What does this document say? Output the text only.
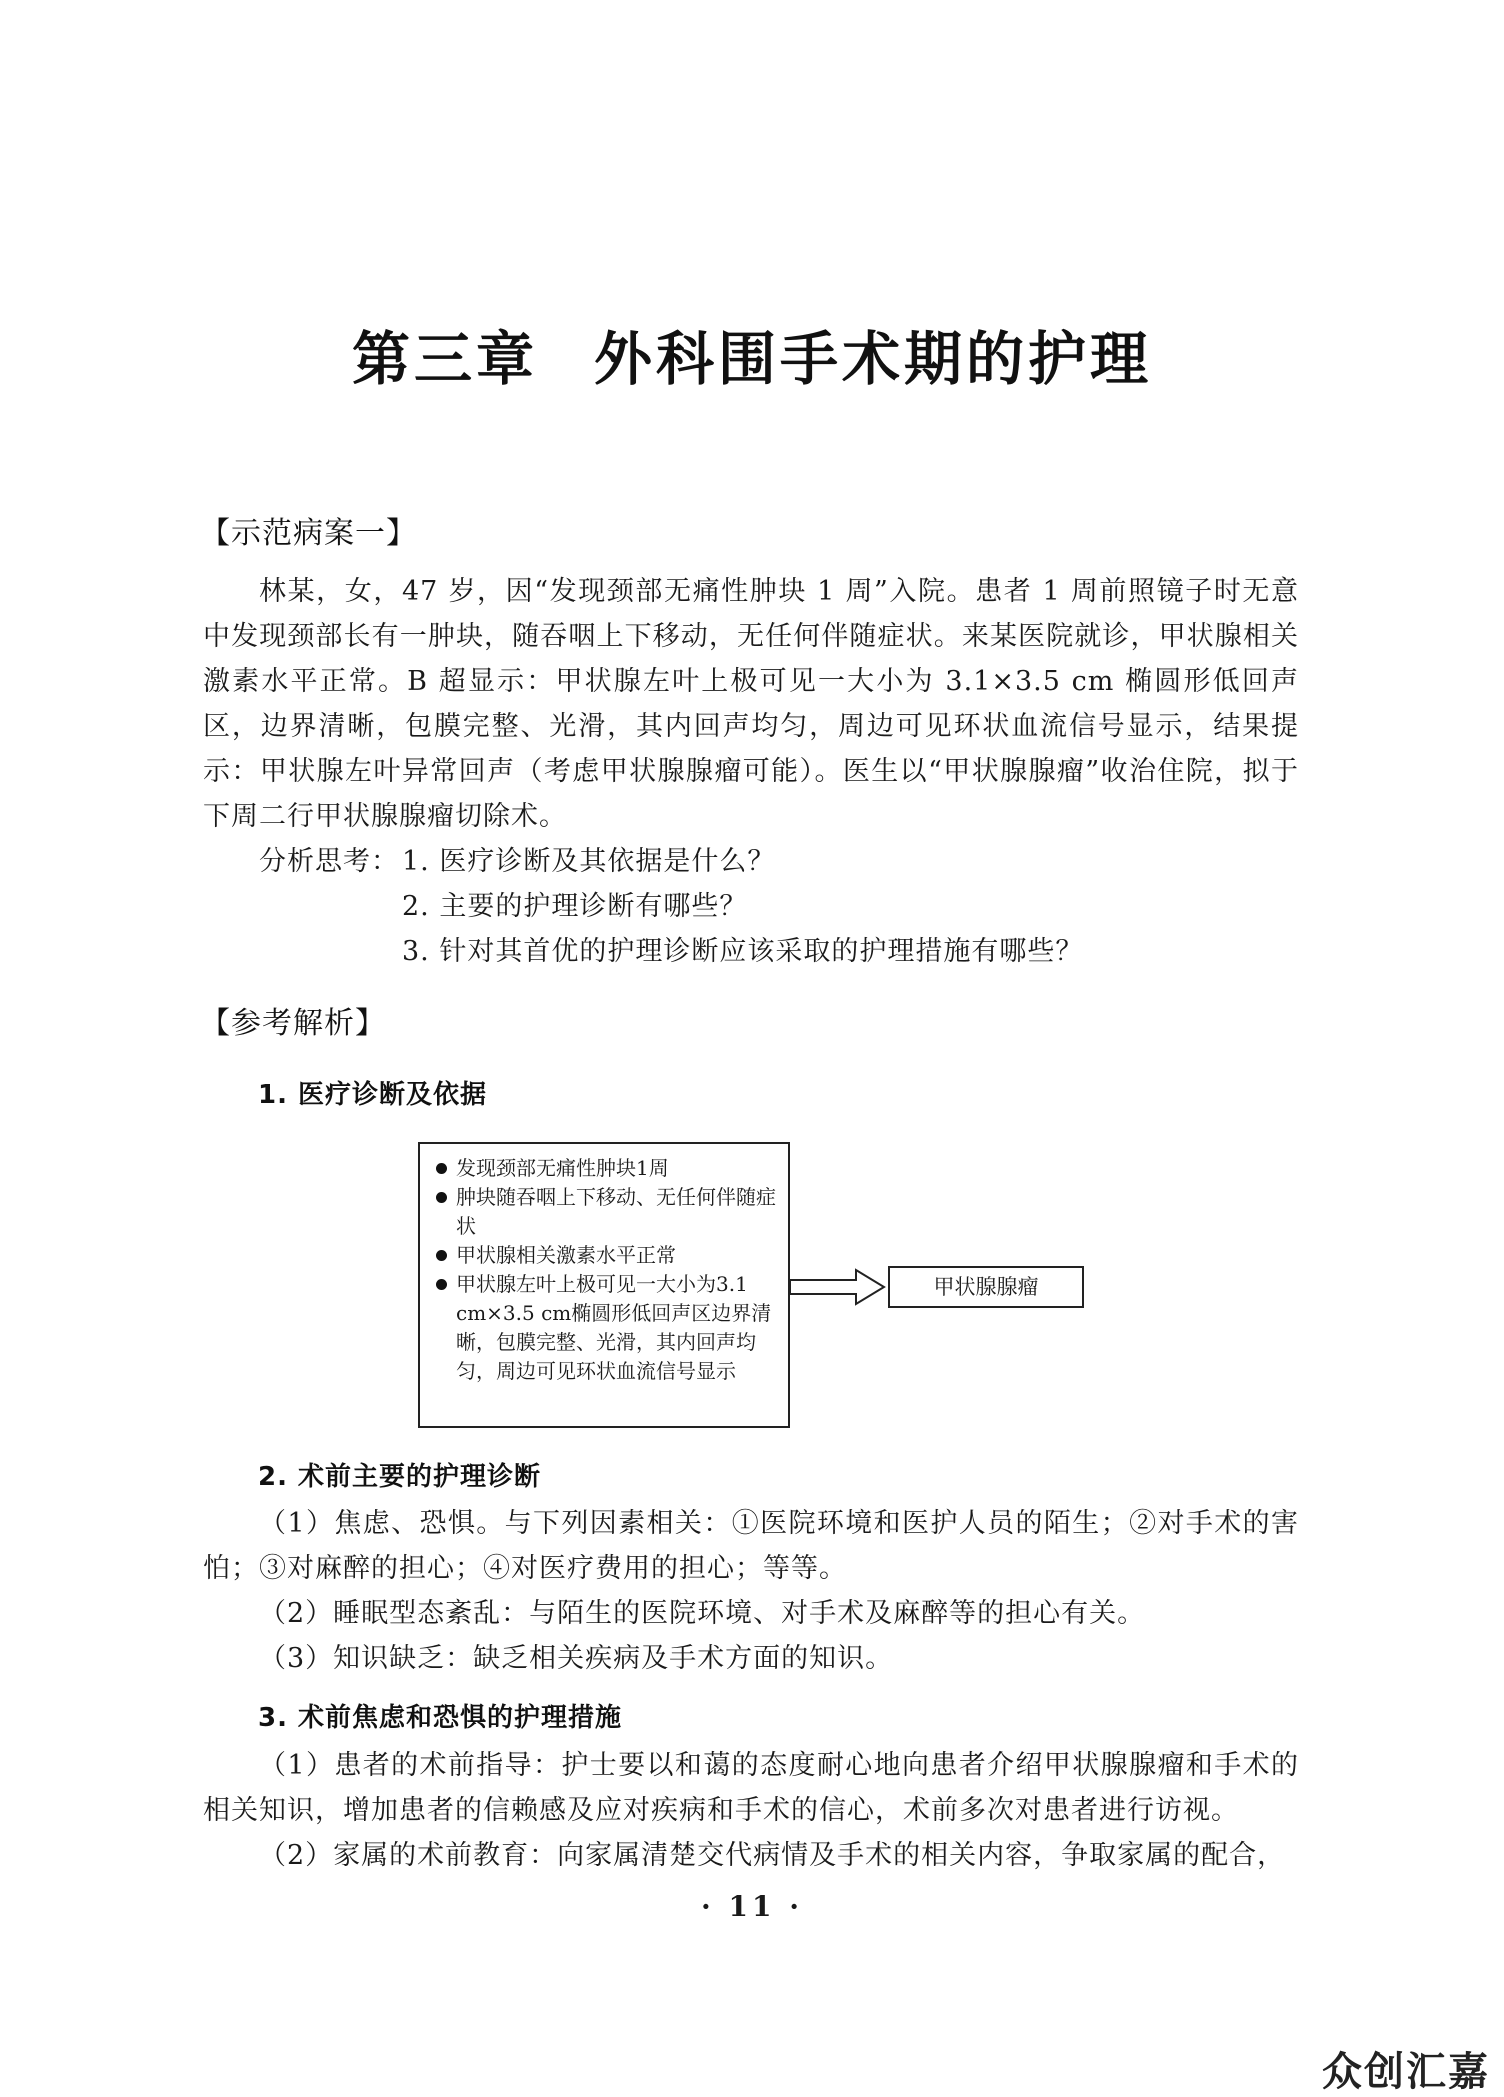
第三章 外科围手术期的护理
【示范病案一】
林某，女，47 岁，因“发现颈部无痛性肿块 1 周”入院。患者 1 周前照镜子时无意中发现颈部长有一肿块，随吞咽上下移动，无任何伴随症状。来某医院就诊，甲状腺相关激素水平正常。B 超显示：甲状腺左叶上极可见一大小为 3.1×3.5 cm 椭圆形低回声区，边界清晰，包膜完整、光滑，其内回声均匀，周边可见环状血流信号显示，结果提示：甲状腺左叶异常回声（考虑甲状腺腺瘤可能）。医生以“甲状腺腺瘤”收治住院，拟于下周二行甲状腺腺瘤切除术。
分析思考： 1. 医疗诊断及其依据是什么？
2. 主要的护理诊断有哪些？
3. 针对其首优的护理诊断应该采取的护理措施有哪些？
【参考解析】
1. 医疗诊断及依据
发现颈部无痛性肿块1周
肿块随吞咽上下移动、无任何伴随症状
甲状腺相关激素水平正常
甲状腺左叶上极可见一大小为3.1 cm×3.5 cm椭圆形低回声区边界清晰，包膜完整、光滑，其内回声均匀，周边可见环状血流信号显示
甲状腺腺瘤
2. 术前主要的护理诊断

（1）焦虑、恐惧。与下列因素相关：①医院环境和医护人员的陌生；②对手术的害怕；③对麻醉的担心；④对医疗费用的担心；等等。

（2）睡眠型态紊乱：与陌生的医院环境、对手术及麻醉等的担心有关。

（3）知识缺乏：缺乏相关疾病及手术方面的知识。

3. 术前焦虑和恐惧的护理措施

（1）患者的术前指导：护士要以和蔼的态度耐心地向患者介绍甲状腺腺瘤和手术的相关知识，增加患者的信赖感及应对疾病和手术的信心，术前多次对患者进行访视。

（2）家属的术前教育：向家属清楚交代病情及手术的相关内容，争取家属的配合，

· 11 ·
众创汇嘉
